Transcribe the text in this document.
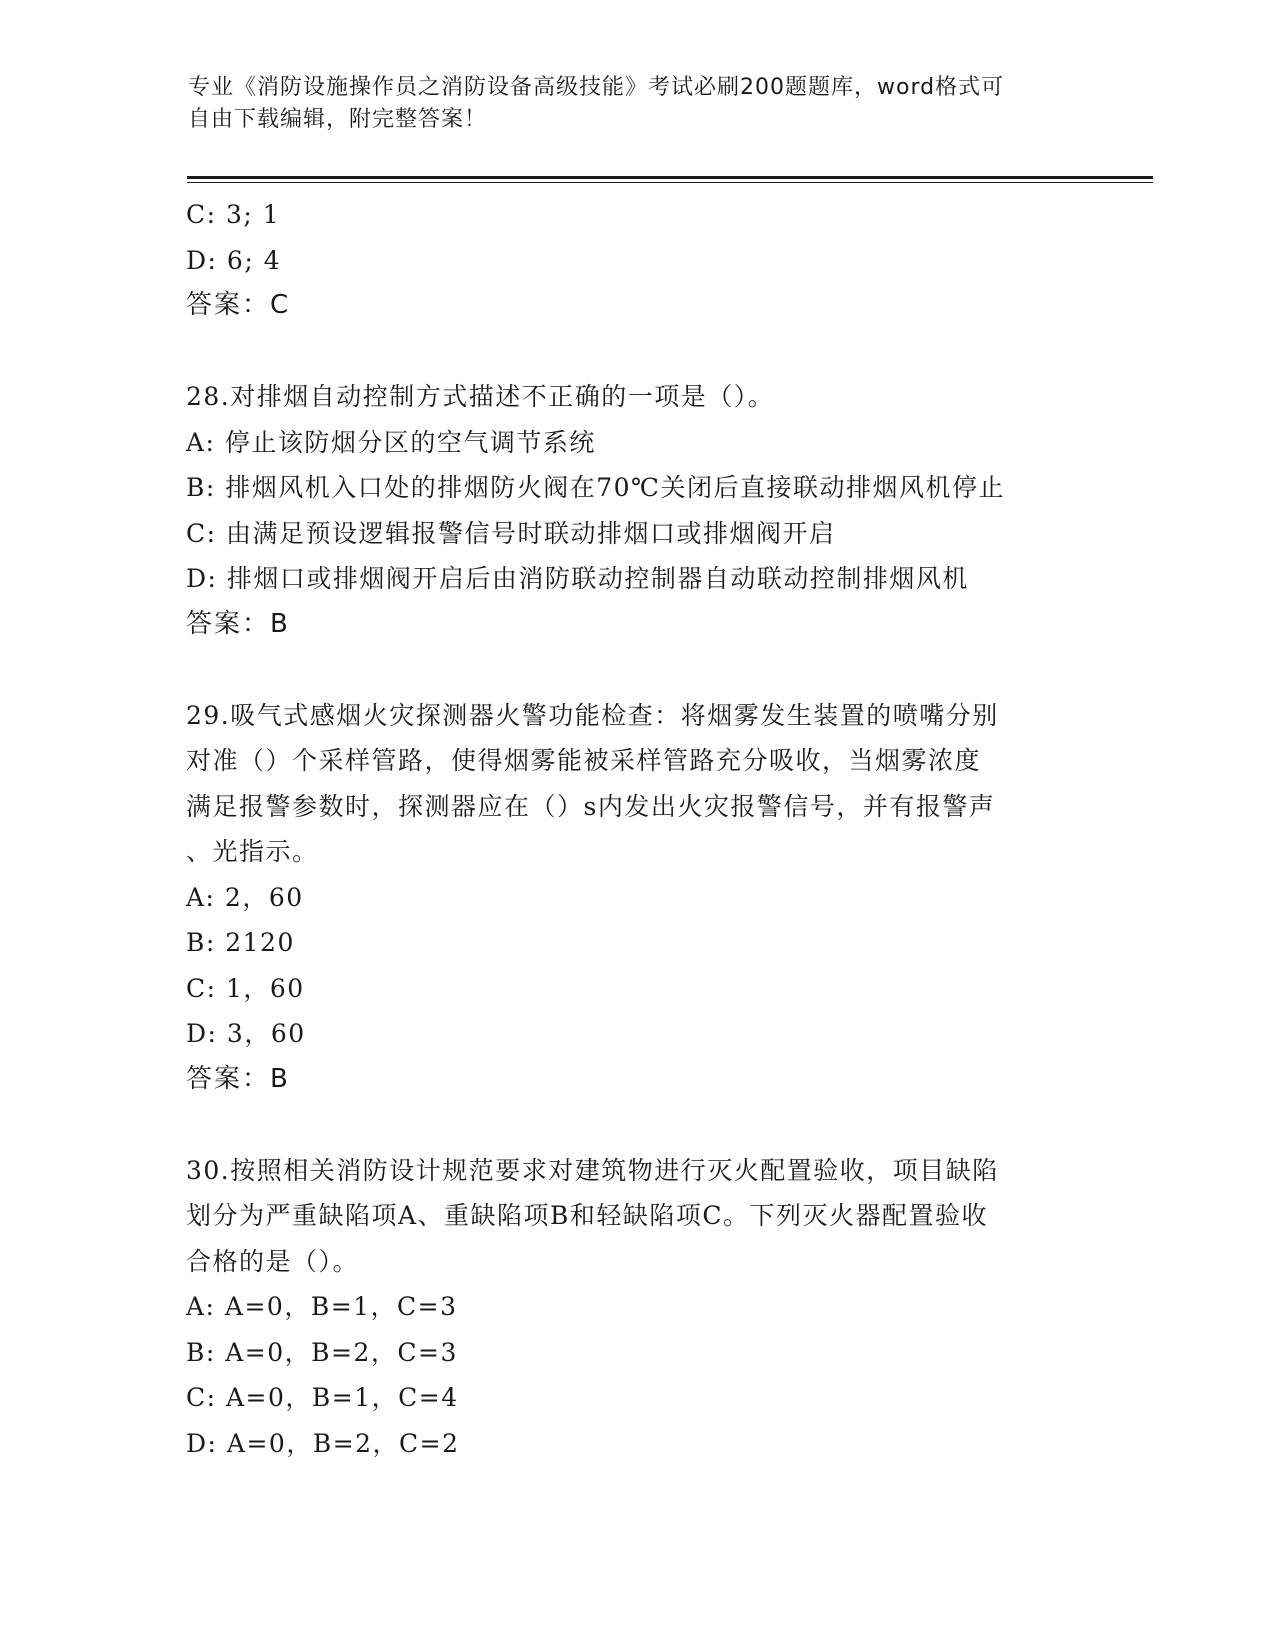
专业《消防设施操作员之消防设备高级技能》考试必刷200题题库，word格式可
自由下载编辑，附完整答案！
C: 3; 1
D: 6; 4
答案：C
28.对排烟自动控制方式描述不正确的一项是（）。
A: 停止该防烟分区的空气调节系统
B: 排烟风机入口处的排烟防火阀在70℃关闭后直接联动排烟风机停止
C: 由满足预设逻辑报警信号时联动排烟口或排烟阀开启
D: 排烟口或排烟阀开启后由消防联动控制器自动联动控制排烟风机
答案：B
29.吸气式感烟火灾探测器火警功能检查：将烟雾发生装置的喷嘴分别
对准（）个采样管路，使得烟雾能被采样管路充分吸收，当烟雾浓度
满足报警参数时，探测器应在（）s内发出火灾报警信号，并有报警声
、光指示。
A: 2，60
B: 2120
C: 1，60
D: 3，60
答案：B
30.按照相关消防设计规范要求对建筑物进行灭火配置验收，项目缺陷
划分为严重缺陷项A、重缺陷项B和轻缺陷项C。下列灭火器配置验收
合格的是（）。
A: A=0，B=1，C=3
B: A=0，B=2，C=3
C: A=0，B=1，C=4
D: A=0，B=2，C=2
